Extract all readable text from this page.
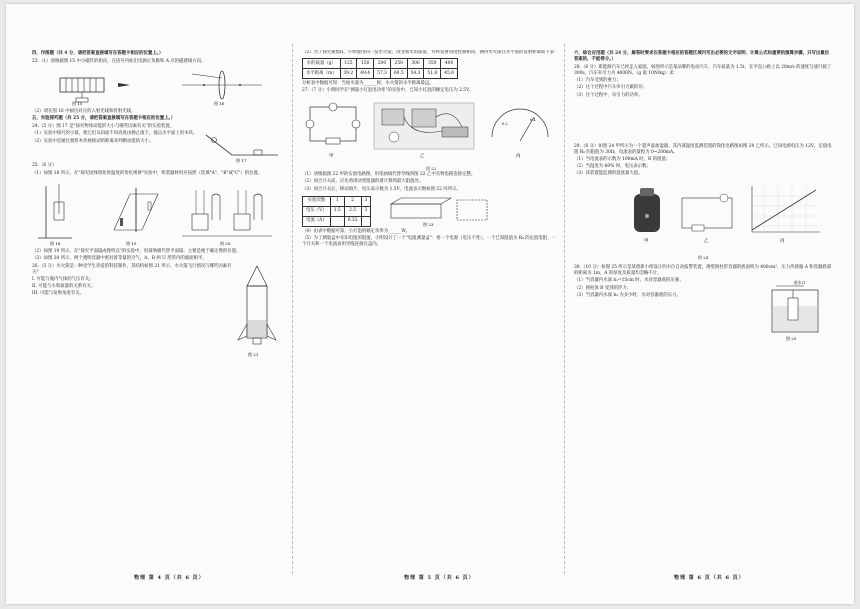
四、作图题（共 4 分，请把答案直接填写在答题卡相应的位置上。）
23.（1）请根据图 15 中小磁针的指向，在括号内标出电源正负极和 A 点的磁感线方向。
图 15	图 16
（2）请在图 16 中画出对应的入射光线和折射光线。
五、实验探究题（共 25 分，请把答案直接填写在答题卡相应的位置上。）
24.（5 分）图 17 是"探究物体动能的大小与哪些因素有关"的实验装置。
（1）实验中探究的小球，使它们从斜面不同高度由静止滚下，撞击水平面上的木块。
（2）实验中是通过观察木块被推动的距离来判断动能的大小。
图 17
25.（6 分）
（1）如图 18 所示，在"探究固体熔化时温度的变化规律"实验中，组装器材时应按照（选填"A"、"B"或"C"）的位置。
图 18	图 19	图 20
（2）如图 19 所示，在"探究平面镜成像特点"的实验中，用玻璃板代替平面镜，主要是便于确定像的位置。
（3）如图 20 所示，两个透明容器中密封着等量的空气，A、B 两 U 形管内的液面相平。
26.（5 分）水火箭是一种受学生喜爱的科技制作，其结构如图 21 所示。水火箭飞行情况与哪些因素有关？
I. 可能与瓶内气体的气压有关；
II. 可能与水和质量的关系有关；
III. 可能与发射角度有关。
图 21
物理 第 4 页（共 6 页）
（2）为了探究猜想II，小明使用同一发水火箭，改变加水的质量，并将发射角度控制相同，测得水火箭在水平面的发射距离如下表：
水的质量（g）	125	150	200	250	300	350	400
水平距离（m）	39.2	49.4	57.3	60.5	54.3	51.8	45.8
分析表中数据可知：当加水量为______时，水火箭的水平距离最远。
27.（7 分）小明同学在"测量小灯泡电功率"的实验中，已知小灯泡的额定电压为 2.5V。
甲	乙
0.2
0.4
丙
图 22
（1）请根据图 22 甲的实验电路图，用笔画线代替导线将图 22 乙中实物电路连接完整。
（2）闭合开关前，应先将滑动变阻器的滑片移到最大阻值处。
（3）闭合开关后，移动滑片，电压表示数为 1.5V，电流表示数如图 22 丙所示。
实验次数	1	2	3
电压（V）	1.5	2.5	3
电流（A）		0.32	
图 23
（4）由表中数据可知，小灯泡的额定功率为______W。
（5）为了测量盒中未知电阻的阻值，小明设计了一个"电阻测量盒"：将一个电源（电压不变）、一个已知阻值为 R₀ 的定值电阻、一个开关和一个电流表用导线连接在盒内。
物理 第 5 页（共 6 页）
六、综合应用题（共 24 分，解答时要求在答题卡相应的答题区域内写出必要的文字说明、计算公式和重要的演算步骤，只写出最后答案的，不能得分。）
28.（6 分）新能源汽车已经走入家庭。如图所示是某品牌的电动汽车，汽车质量为 1.5t，在平直公路上以 20m/s 的速度匀速行驶了 300s，汽车牵引力为 4000N。（g 取 10N/kg）求：
（1）汽车受到的重力；
（2）这个过程中汽车牵引力做的功；
（3）这个过程中，牵引力的功率。
29.（8 分）如图 24 甲所示为一个超声波加湿器，其内部湿度监测装置的简化电路图如图 24 乙所示。已知电源电压为 12V，定值电阻 R₀ 的阻值为 30Ω，电流表的量程为 0~200mA。
（1）当电流表的示数为 100mA 时，R 的阻值；
（2）当湿度为 60% 时，电压表示数；
（3）该装置能监测的湿度最大值。
甲	乙	丙
图 24
30.（10 分）如图 25 所示是某创新小组设计的水位自动报警装置，薄壁圆柱形容器的底面积为 400cm²，压力传感器 A 和容器底部的距离为 1m，A 的厚度及质量均忽略不计。
（1）当容器内水深 h₁=15cm 时，水对容器底的压强；
（2）圆柱体 B 受到的浮力；
（3）当容器内水深 h₂ 为多少时，水对容器底的压力。
进水口
图 25
物理 第 6 页（共 6 页）
